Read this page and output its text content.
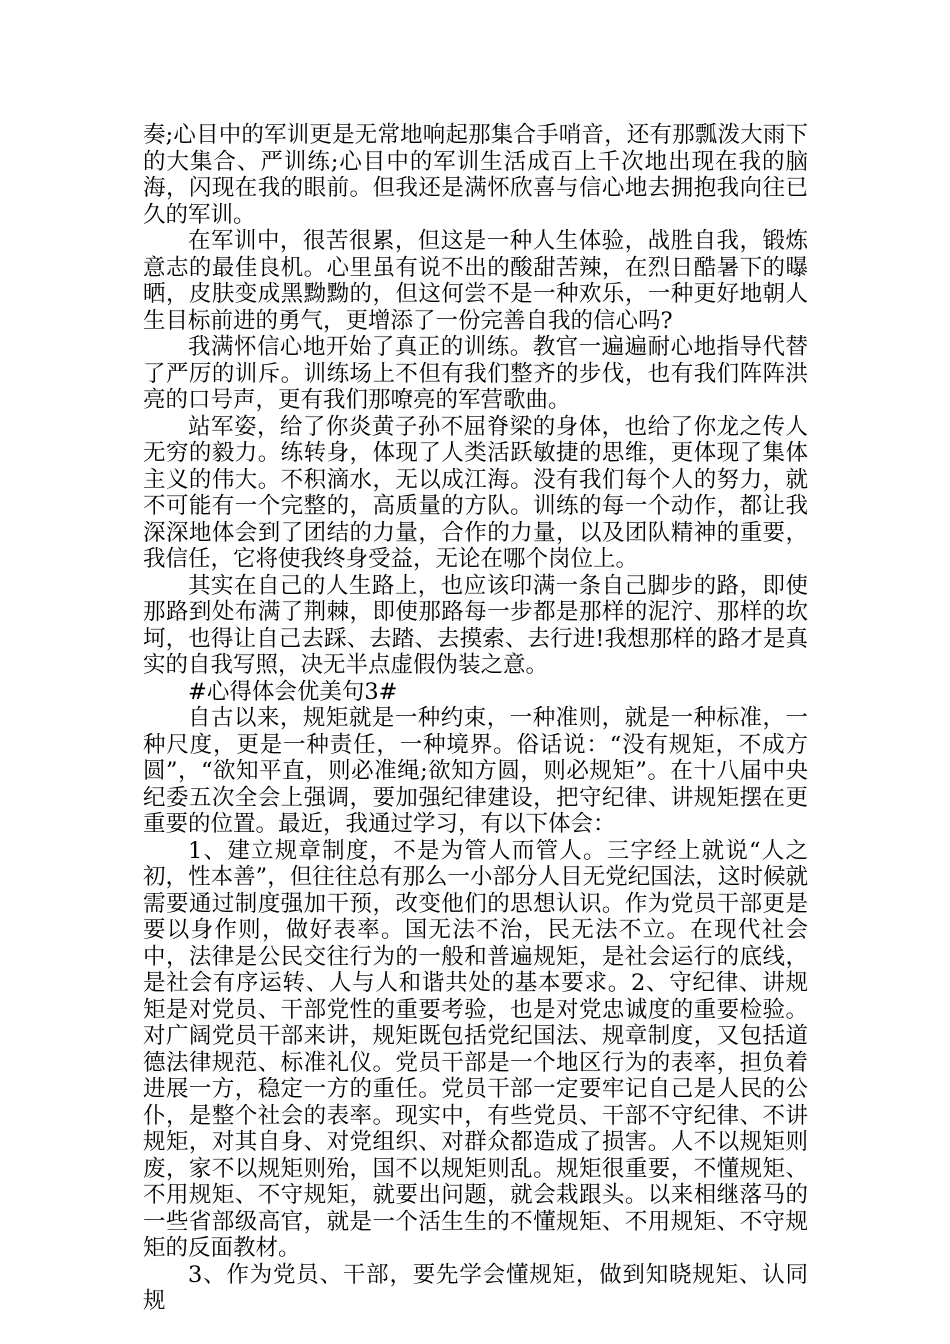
奏;心目中的军训更是无常地响起那集合手哨音，还有那瓢泼大雨下的大集合、严训练;心目中的军训生活成百上千次地出现在我的脑海，闪现在我的眼前。但我还是满怀欣喜与信心地去拥抱我向往已久的军训。

在军训中，很苦很累，但这是一种人生体验，战胜自我，锻炼意志的最佳良机。心里虽有说不出的酸甜苦辣，在烈日酷暑下的曝晒，皮肤变成黑黝黝的，但这何尝不是一种欢乐，一种更好地朝人生目标前进的勇气，更增添了一份完善自我的信心吗?

我满怀信心地开始了真正的训练。教官一遍遍耐心地指导代替了严厉的训斥。训练场上不但有我们整齐的步伐，也有我们阵阵洪亮的口号声，更有我们那嘹亮的军营歌曲。

站军姿，给了你炎黄子孙不屈脊梁的身体，也给了你龙之传人无穷的毅力。练转身，体现了人类活跃敏捷的思维，更体现了集体主义的伟大。不积滴水，无以成江海。没有我们每个人的努力，就不可能有一个完整的，高质量的方队。训练的每一个动作，都让我深深地体会到了团结的力量，合作的力量，以及团队精神的重要，我信任，它将使我终身受益，无论在哪个岗位上。

其实在自己的人生路上，也应该印满一条自己脚步的路，即使那路到处布满了荆棘，即使那路每一步都是那样的泥泞、那样的坎坷，也得让自己去踩、去踏、去摸索、去行进!我想那样的路才是真实的自我写照，决无半点虚假伪装之意。

#心得体会优美句3#

自古以来，规矩就是一种约束，一种准则，就是一种标准，一种尺度，更是一种责任，一种境界。俗话说：“没有规矩，不成方圆”，“欲知平直，则必准绳;欲知方圆，则必规矩”。在十八届中央纪委五次全会上强调，要加强纪律建设，把守纪律、讲规矩摆在更重要的位置。最近，我通过学习，有以下体会：

1、建立规章制度，不是为管人而管人。三字经上就说“人之初，性本善”，但往往总有那么一小部分人目无党纪国法，这时候就需要通过制度强加干预，改变他们的思想认识。作为党员干部更是要以身作则，做好表率。国无法不治，民无法不立。在现代社会中，法律是公民交往行为的一般和普遍规矩，是社会运行的底线，是社会有序运转、人与人和谐共处的基本要求。2、守纪律、讲规矩是对党员、干部党性的重要考验，也是对党忠诚度的重要检验。对广阔党员干部来讲，规矩既包括党纪国法、规章制度，又包括道德法律规范、标准礼仪。党员干部是一个地区行为的表率，担负着进展一方，稳定一方的重任。党员干部一定要牢记自己是人民的公仆，是整个社会的表率。现实中，有些党员、干部不守纪律、不讲规矩，对其自身、对党组织、对群众都造成了损害。人不以规矩则废，家不以规矩则殆，国不以规矩则乱。规矩很重要，不懂规矩、不用规矩、不守规矩，就要出问题，就会栽跟头。以来相继落马的一些省部级高官，就是一个活生生的不懂规矩、不用规矩、不守规矩的反面教材。

3、作为党员、干部，要先学会懂规矩，做到知晓规矩、认同规
